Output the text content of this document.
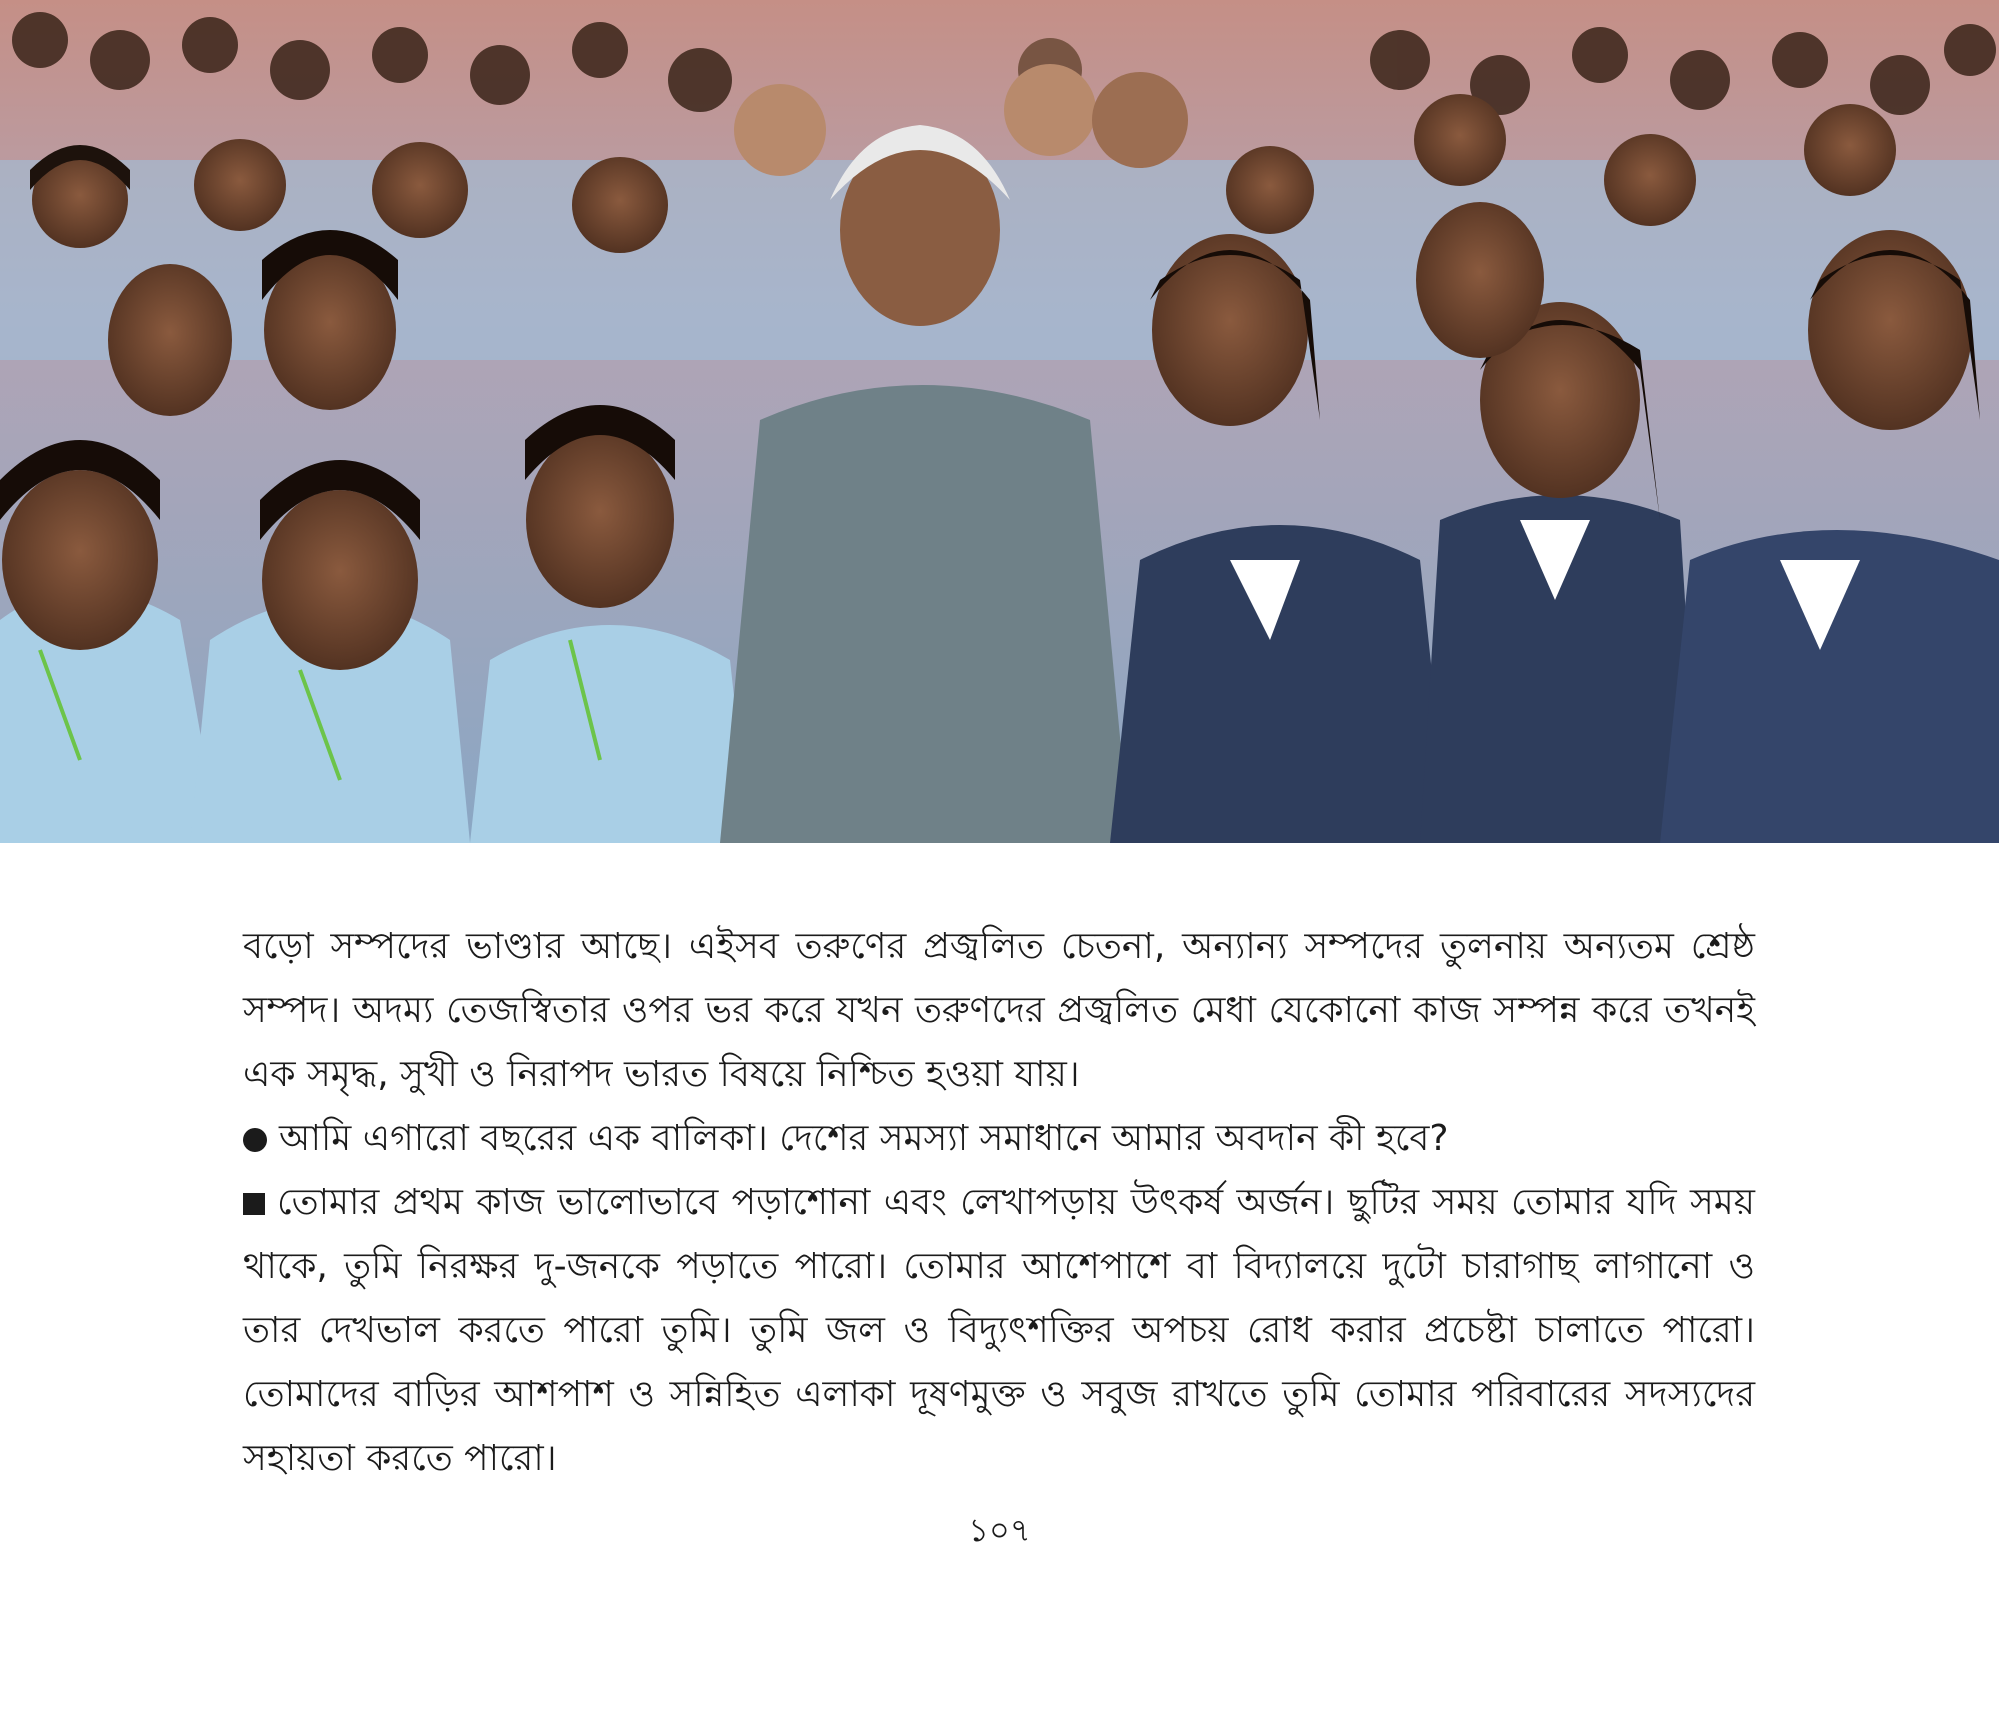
বড়ো সম্পদের ভাণ্ডার আছে। এইসব তরুণের প্রজ্বলিত চেতনা, অন্যান্য সম্পদের তুলনায় অন্যতম শ্রেষ্ঠ সম্পদ। অদম্য তেজস্বিতার ওপর ভর করে যখন তরুণদের প্রজ্বলিত মেধা যেকোনো কাজ সম্পন্ন করে তখনই এক সমৃদ্ধ, সুখী ও নিরাপদ ভারত বিষয়ে নিশ্চিত হওয়া যায়।

আমি এগারো বছরের এক বালিকা। দেশের সমস্যা সমাধানে আমার অবদান কী হবে?

তোমার প্রথম কাজ ভালোভাবে পড়াশোনা এবং লেখাপড়ায় উৎকর্ষ অর্জন। ছুটির সময় তোমার যদি সময় থাকে, তুমি নিরক্ষর দু-জনকে পড়াতে পারো। তোমার আশেপাশে বা বিদ্যালয়ে দুটো চারাগাছ লাগানো ও তার দেখভাল করতে পারো তুমি। তুমি জল ও বিদ্যুৎশক্তির অপচয় রোধ করার প্রচেষ্টা চালাতে পারো। তোমাদের বাড়ির আশপাশ ও সন্নিহিত এলাকা দূষণমুক্ত ও সবুজ রাখতে তুমি তোমার পরিবারের সদস্যদের সহায়তা করতে পারো।

১০৭
